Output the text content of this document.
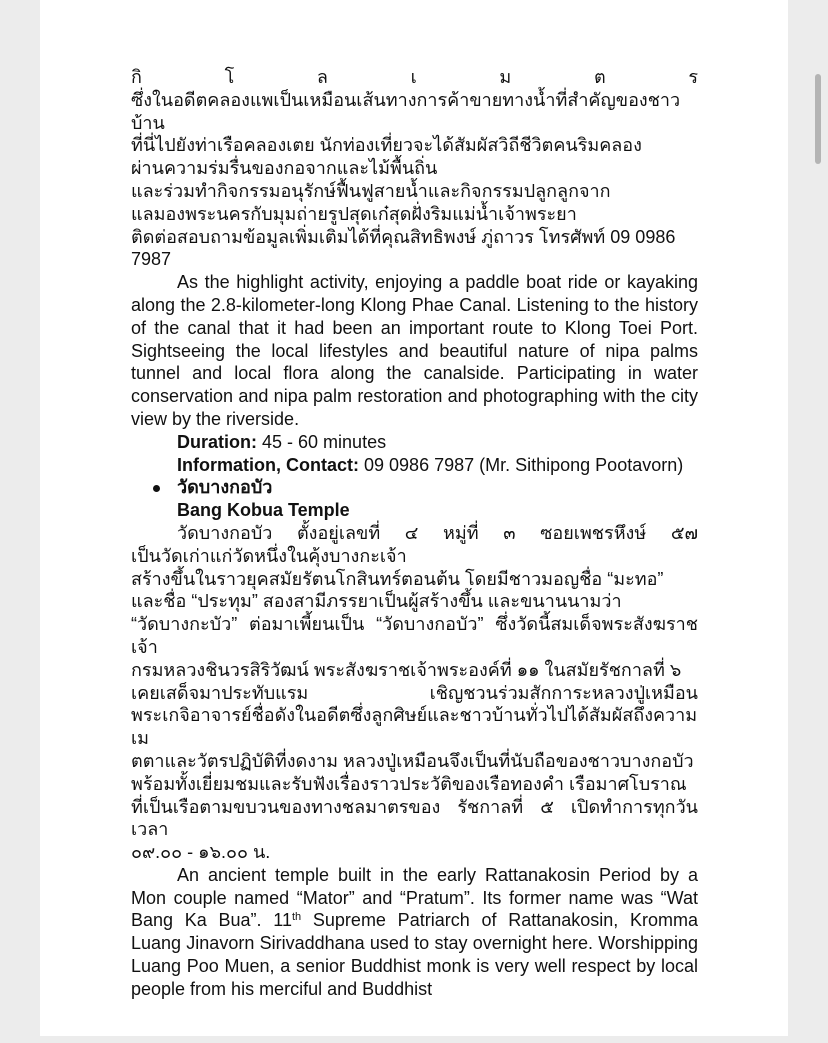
กิ โ ล เ ม ต ร
ซึ่งในอดีตคลองแพเป็นเหมือนเส้นทางการค้าขายทางน้ำที่สำคัญของชาวบ้าน
ที่นี่ไปยังท่าเรือคลองเตย นักท่องเที่ยวจะได้สัมผัสวิถีชีวิตคนริมคลอง
ผ่านความร่มรื่นของกอจากและไม้พื้นถิ่น
และร่วมทำกิจกรรมอนุรักษ์ฟื้นฟูสายน้ำและกิจกรรมปลูกลูกจาก
แลมองพระนครกับมุมถ่ายรูปสุดเก๋สุดฝั่งริมแม่น้ำเจ้าพระยา
ติดต่อสอบถามข้อมูลเพิ่มเติมได้ที่คุณสิทธิพงษ์ ภู่ถาวร โทรศัพท์ 09 0986
7987

As the highlight activity, enjoying a paddle boat ride or kayaking along the 2.8-kilometer-long Klong Phae Canal. Listening to the history of the canal that it had been an important route to Klong Toei Port. Sightseeing the local lifestyles and beautiful nature of nipa palms tunnel and local flora along the canalside. Participating in water conservation and nipa palm restoration and photographing with the city view by the riverside.

Duration: 45 - 60 minutes

Information, Contact: 09 0986 7987 (Mr. Sithipong Pootavorn)

วัดบางกอบัว

Bang Kobua Temple

วัดบางกอบัว ตั้งอยู่เลขที่ ๔ หมู่ที่ ๓ ซอยเพชรหึงษ์ ๕๗
เป็นวัดเก่าแก่วัดหนึ่งในคุ้งบางกะเจ้า
สร้างขึ้นในราวยุคสมัยรัตนโกสินทร์ตอนต้น โดยมีชาวมอญชื่อ “มะทอ”
และชื่อ “ประทุม” สองสามีภรรยาเป็นผู้สร้างขึ้น และขนานนามว่า
“วัดบางกะบัว” ต่อมาเพี้ยนเป็น “วัดบางกอบัว” ซึ่งวัดนี้สมเด็จพระสังฆราชเจ้า
กรมหลวงชินวรสิริวัฒน์ พระสังฆราชเจ้าพระองค์ที่ ๑๑ ในสมัยรัชกาลที่ ๖
เคยเสด็จมาประทับแรม เชิญชวนร่วมสักการะหลวงปู่เหมือน
พระเกจิอาจารย์ชื่อดังในอดีตซึ่งลูกศิษย์และชาวบ้านทั่วไปได้สัมผัสถึงความเม
ตตาและวัตรปฏิบัติที่งดงาม หลวงปู่เหมือนจึงเป็นที่นับถือของชาวบางกอบัว
พร้อมทั้งเยี่ยมชมและรับฟังเรื่องราวประวัติของเรือทองคำ เรือมาศโบราณ
ที่เป็นเรือตามขบวนของทางชลมาตรของ รัชกาลที่ ๕ เปิดทำการทุกวัน เวลา
๐๙.๐๐ - ๑๖.๐๐ น.

An ancient temple built in the early Rattanakosin Period by a Mon couple named “Mator” and “Pratum”. Its former name was “Wat Bang Ka Bua”. 11th Supreme Patriarch of Rattanakosin, Kromma Luang Jinavorn Sirivaddhana used to stay overnight here. Worshipping Luang Poo Muen, a senior Buddhist monk is very well respect by local people from his merciful and Buddhist
